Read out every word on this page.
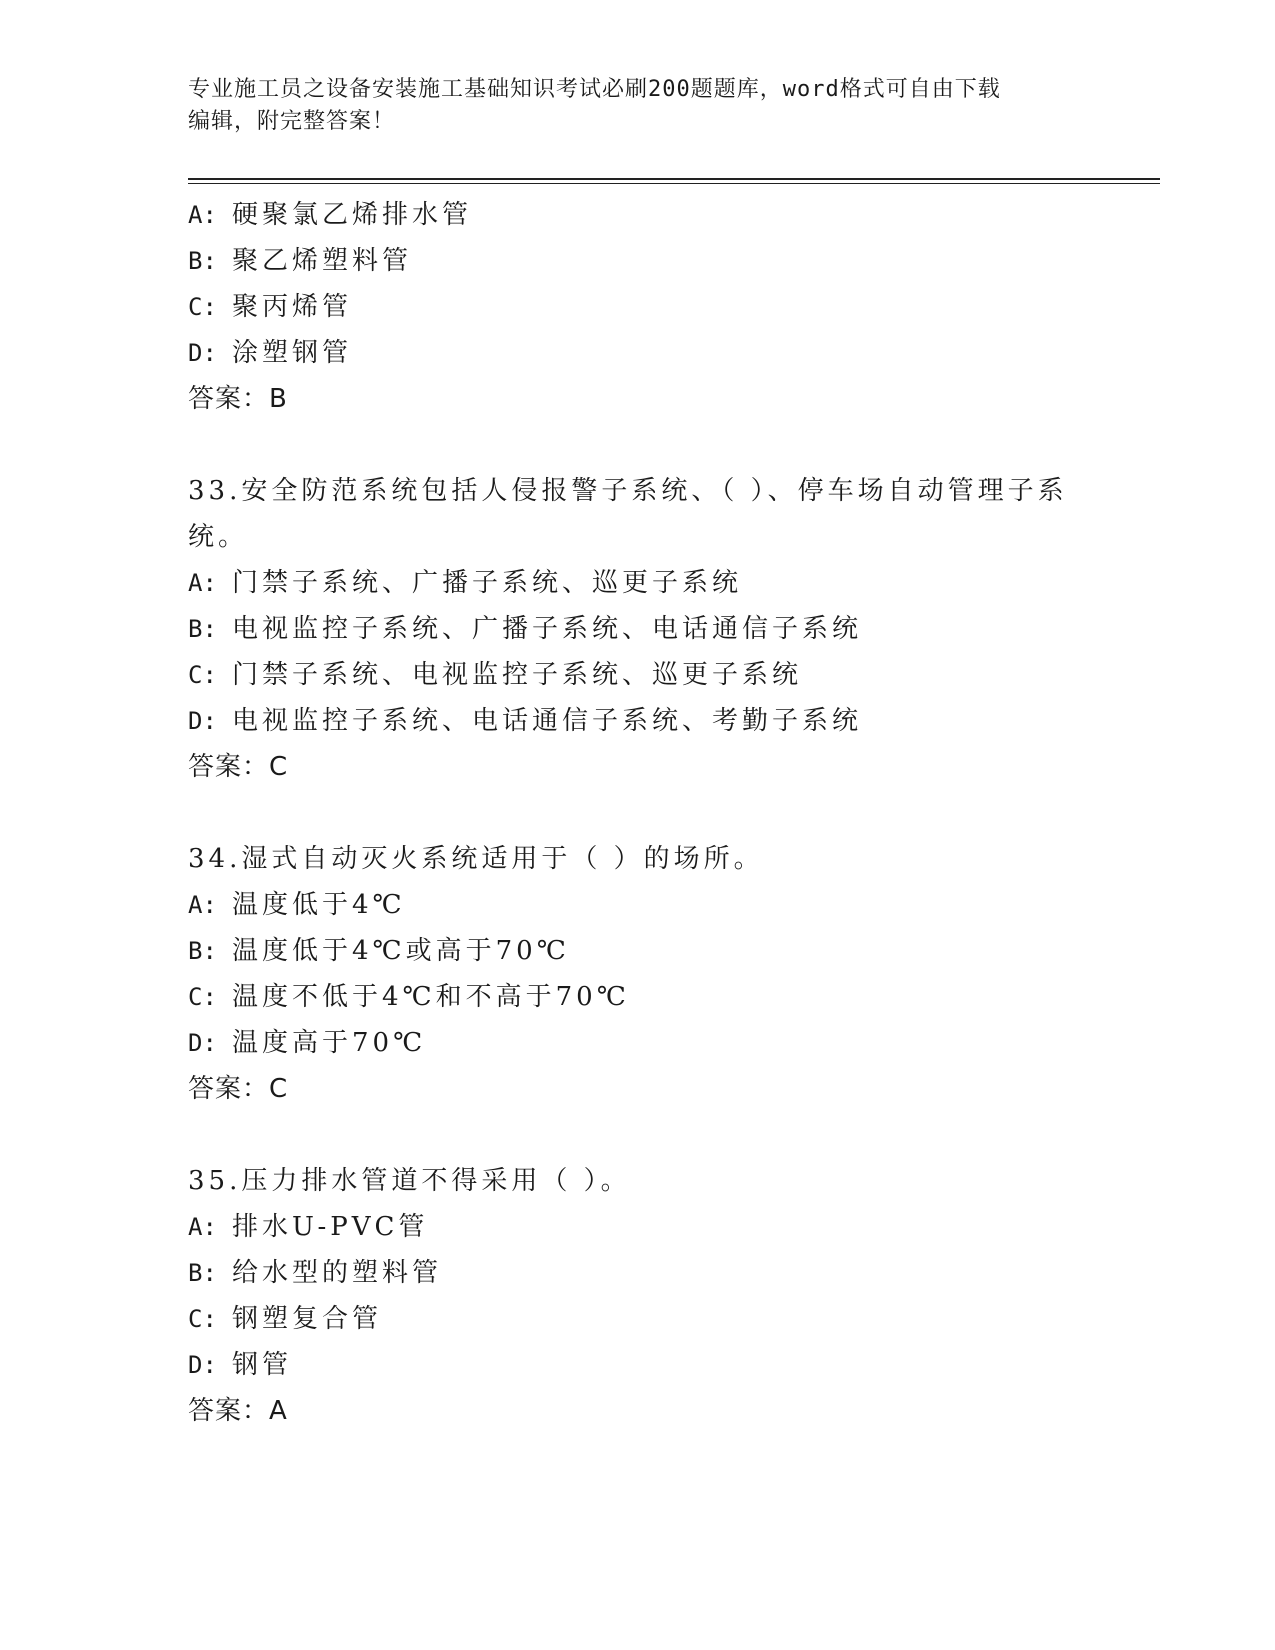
专业施工员之设备安装施工基础知识考试必刷200题题库，word格式可自由下载
编辑，附完整答案！
A: 硬聚氯乙烯排水管
B: 聚乙烯塑料管
C: 聚丙烯管
D: 涂塑钢管
答案：B
33.安全防范系统包括人侵报警子系统、（ ）、停车场自动管理子系统。
A: 门禁子系统、广播子系统、巡更子系统
B: 电视监控子系统、广播子系统、电话通信子系统
C: 门禁子系统、电视监控子系统、巡更子系统
D: 电视监控子系统、电话通信子系统、考勤子系统
答案：C
34.湿式自动灭火系统适用于（ ）的场所。
A: 温度低于4℃
B: 温度低于4℃或高于70℃
C: 温度不低于4℃和不高于70℃
D: 温度高于70℃
答案：C
35.压力排水管道不得采用（ ）。
A: 排水U-PVC管
B: 给水型的塑料管
C: 钢塑复合管
D: 钢管
答案：A
